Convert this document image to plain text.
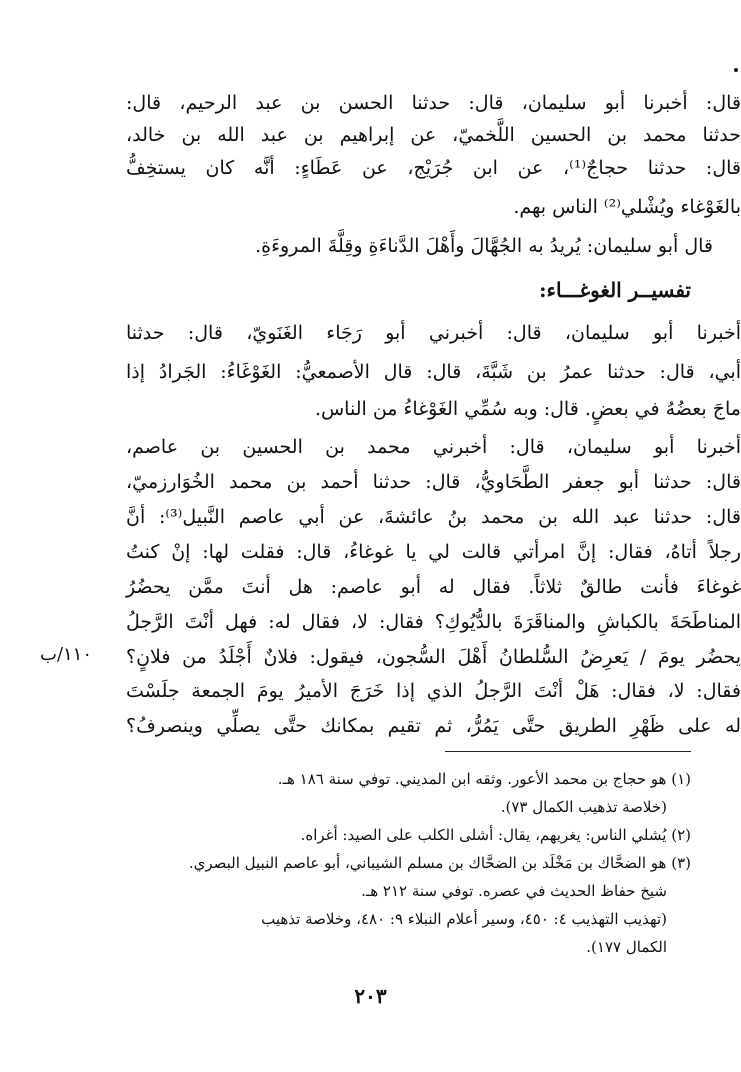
قال: أخبرنا أبو سليمان، قال: حدثنا الحسن بن عبد الرحيم، قال:
حدثنا محمد بن الحسين اللَّخميّ، عن إبراهيم بن عبد الله بن خالد،
قال: حدثنا حجاجٌ⁽¹⁾، عن ابن جُرَيْج، عن عَطَاءٍ: أنَّه كان يستخِفُّ
بالغَوْغاء ويُشْلي⁽²⁾ الناس بهم.
قال أبو سليمان: يُريدُ به الجُهَّالَ وأَهْلَ الدَّناءَةِ وقِلَّةَ المروءَةِ.
تفسيــر الغوغـــاء:
أخبرنا أبو سليمان، قال: أخبرني أبو رَجَاء الغَنَويّ، قال: حدثنا
أبي، قال: حدثنا عمرُ بن شَبَّةَ، قال: قال الأصمعيُّ: الغَوْغَاءُ: الجَرادُ إذا
ماجَ بعضُهُ في بعضٍ. قال: وبه سُمِّي الغَوْغاءُ من الناس.
أخبرنا أبو سليمان، قال: أخبرني محمد بن الحسين بن عاصم،
قال: حدثنا أبو جعفر الطَّحَاويُّ، قال: حدثنا أحمد بن محمد الخُوَارزميّ،
قال: حدثنا عبد الله بن محمد بنُ عائشةَ، عن أبي عاصم النَّبيل⁽³⁾: أنَّ
رجلاً أتاهُ، فقال: إنَّ امرأتي قالت لي يا غوغاءُ، قال: فقلت لها: إنْ كنتُ
غوغاءَ فأنت طالقٌ ثلاثاً. فقال له أبو عاصم: هل أنتَ ممَّن يحضُرُ
المناطَحَةَ بالكباشِ والمناقَرَةَ بالدُّيُوكِ؟ فقال: لا، فقال له: فهل أنْتَ الرَّجلُ
يحضُر يومَ / يَعرِضُ السُّلطانُ أَهْلَ السُّجون، فيقول: فلانٌ أَجْلَدُ من فلانٍ؟
فقال: لا، فقال: هَلْ أنْتَ الرَّجلُ الذي إذا خَرَجَ الأميرُ يومَ الجمعة جلَسْتَ
له على ظَهْرِ الطريق حتَّى يَمُرُّ، ثم تقيم بمكانك حتَّى يصلِّي وينصرفُ؟
١١٠/ب
(١) هو حجاج بن محمد الأعور. وثقه ابن المديني. توفي سنة ١٨٦ هـ.
(خلاصة تذهيب الكمال ٧٣).
(٢) يُشلي الناس: يغريهم، يقال: أشلى الكلب على الصيد: أغراه.
(٣) هو الضحَّاك بن مَخْلَد بن الضحَّاك بن مسلم الشيباني، أبو عاصم النبيل البصري.
شيخ حفاظ الحديث في عصره. توفي سنة ٢١٢ هـ.
(تهذيب التهذيب ٤: ٤٥٠، وسير أعلام النبلاء ٩: ٤٨٠، وخلاصة تذهيب
الكمال ١٧٧).
٢٠٣
